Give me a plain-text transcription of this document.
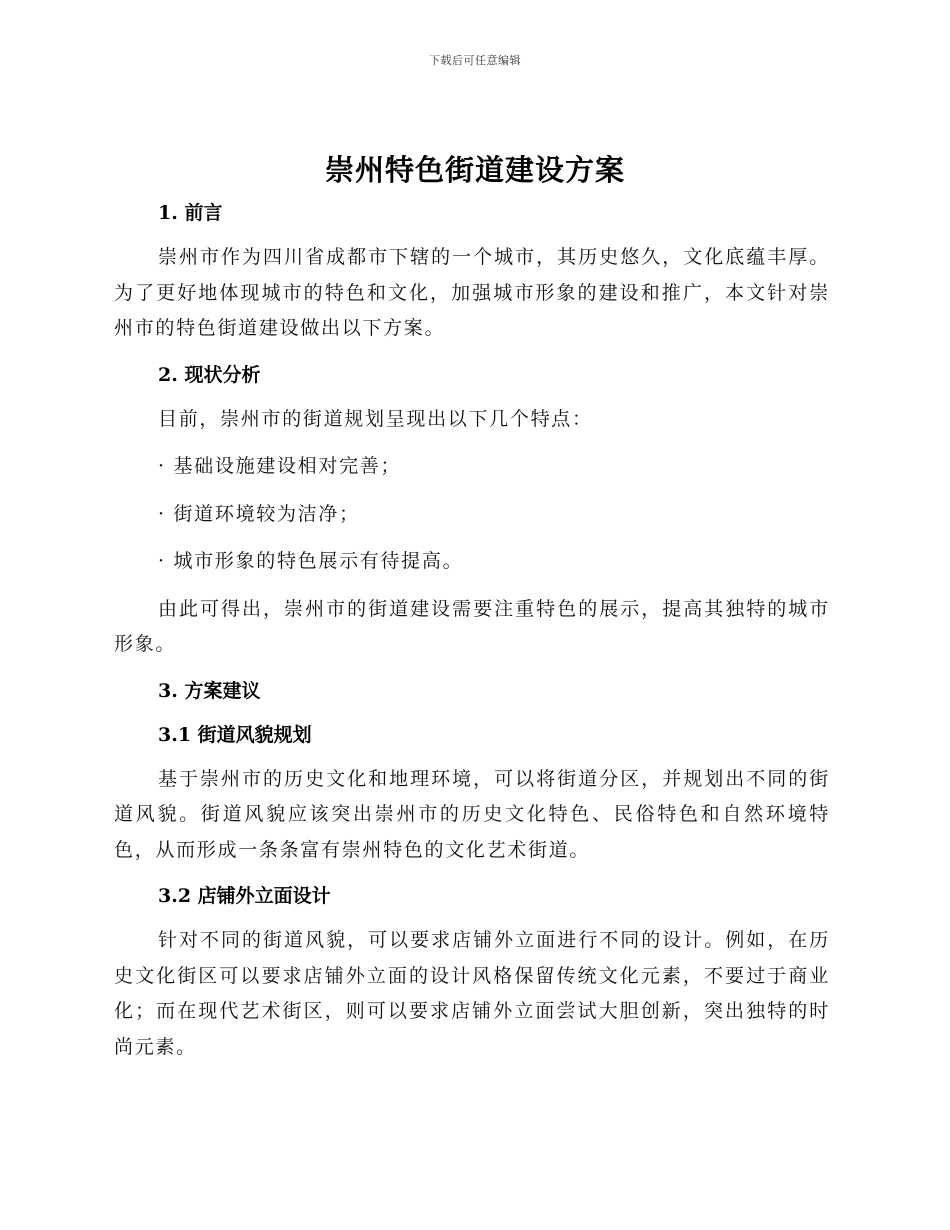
下载后可任意编辑
崇州特色街道建设方案
1. 前言

崇州市作为四川省成都市下辖的一个城市，其历史悠久，文化底蕴丰厚。为了更好地体现城市的特色和文化，加强城市形象的建设和推广，本文针对崇州市的特色街道建设做出以下方案。

2. 现状分析

目前，崇州市的街道规划呈现出以下几个特点：

· 基础设施建设相对完善；
· 街道环境较为洁净；
· 城市形象的特色展示有待提高。

由此可得出，崇州市的街道建设需要注重特色的展示，提高其独特的城市形象。

3. 方案建议
3.1 街道风貌规划

基于崇州市的历史文化和地理环境，可以将街道分区，并规划出不同的街道风貌。街道风貌应该突出崇州市的历史文化特色、民俗特色和自然环境特色，从而形成一条条富有崇州特色的文化艺术街道。

3.2 店铺外立面设计

针对不同的街道风貌，可以要求店铺外立面进行不同的设计。例如，在历史文化街区可以要求店铺外立面的设计风格保留传统文化元素，不要过于商业化；而在现代艺术街区，则可以要求店铺外立面尝试大胆创新，突出独特的时尚元素。
